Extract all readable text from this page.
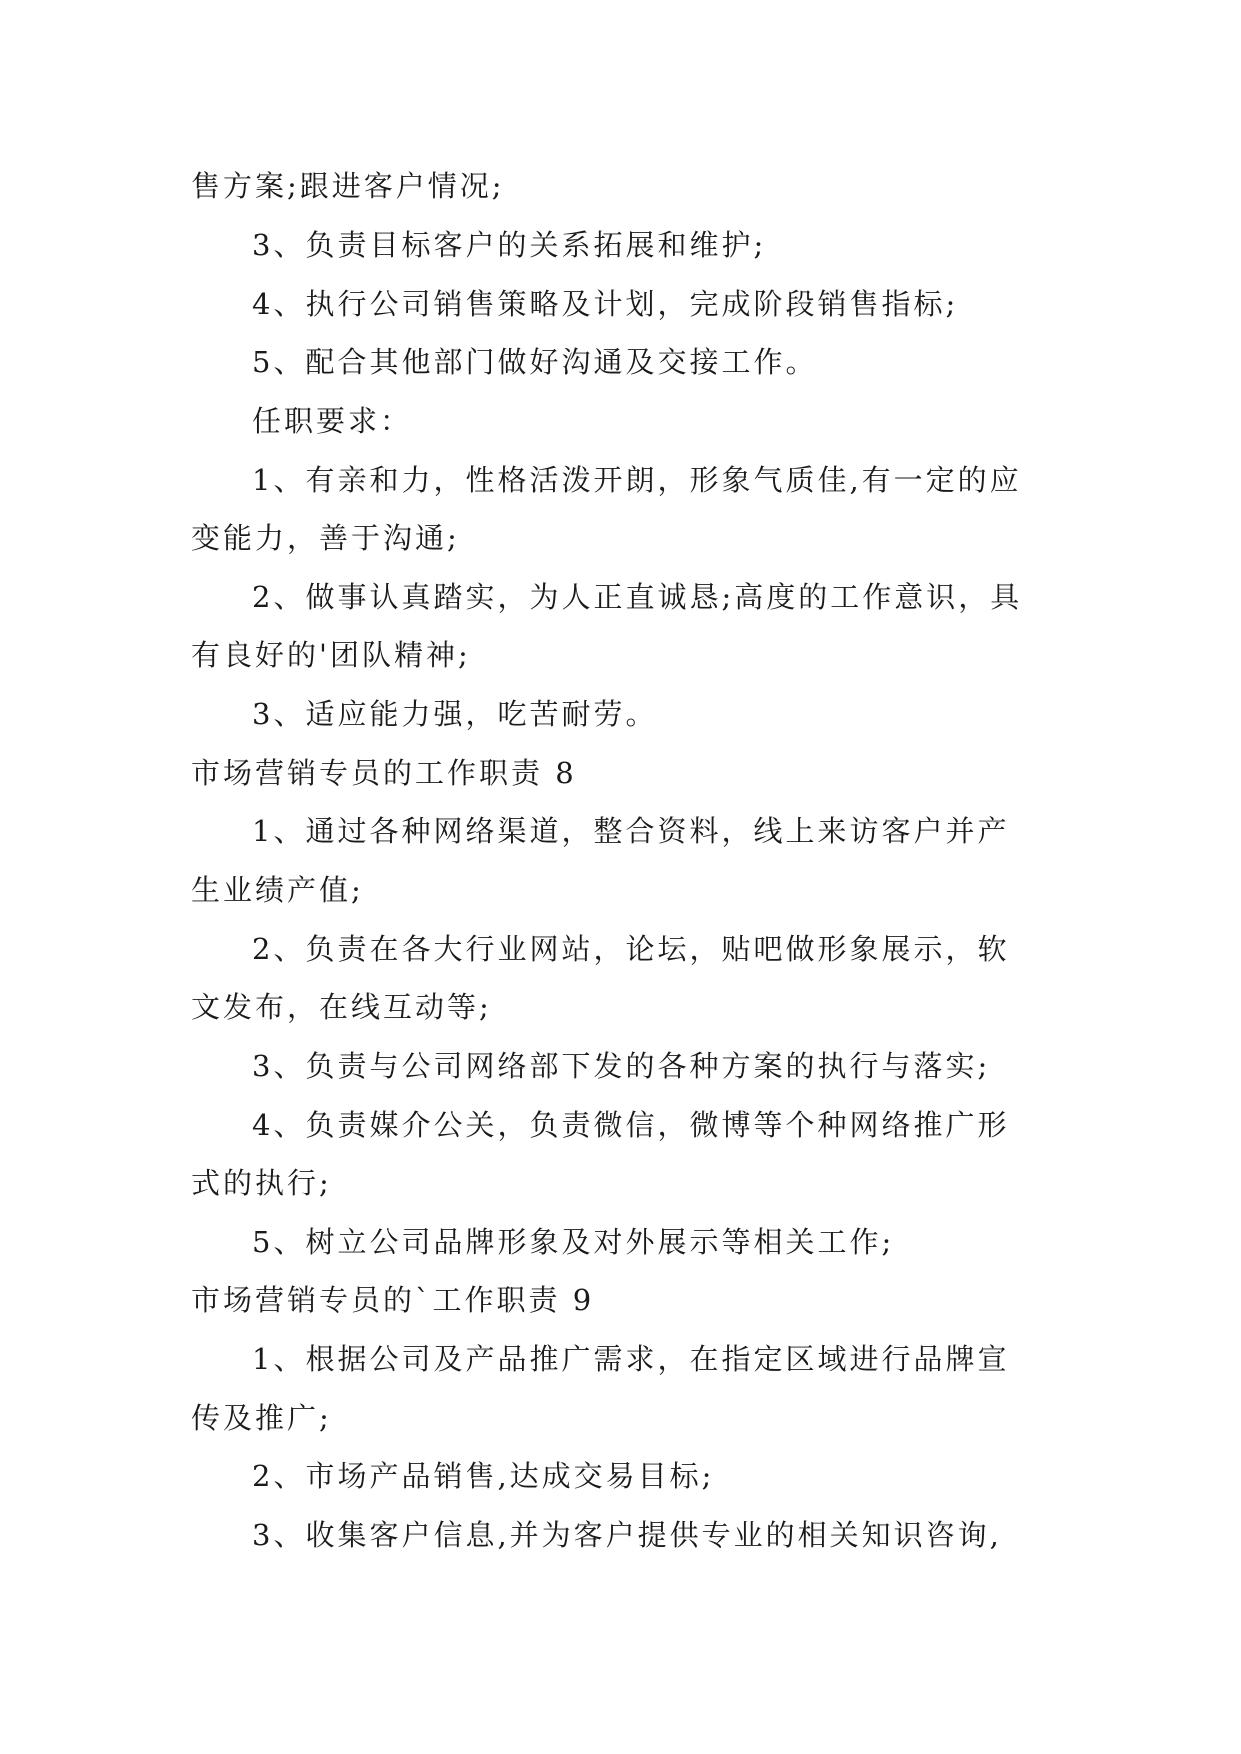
售方案;跟进客户情况;
3、负责目标客户的关系拓展和维护;
4、执行公司销售策略及计划，完成阶段销售指标;
5、配合其他部门做好沟通及交接工作。
任职要求：
1、有亲和力，性格活泼开朗，形象气质佳,有一定的应
变能力，善于沟通;
2、做事认真踏实，为人正直诚恳;高度的工作意识，具
有良好的'团队精神;
3、适应能力强，吃苦耐劳。
市场营销专员的工作职责 8
1、通过各种网络渠道，整合资料，线上来访客户并产
生业绩产值;
2、负责在各大行业网站，论坛，贴吧做形象展示，软
文发布，在线互动等;
3、负责与公司网络部下发的各种方案的执行与落实;
4、负责媒介公关，负责微信，微博等个种网络推广形
式的执行;
5、树立公司品牌形象及对外展示等相关工作;
市场营销专员的`工作职责 9
1、根据公司及产品推广需求，在指定区域进行品牌宣
传及推广;
2、市场产品销售,达成交易目标;
3、收集客户信息,并为客户提供专业的相关知识咨询,
